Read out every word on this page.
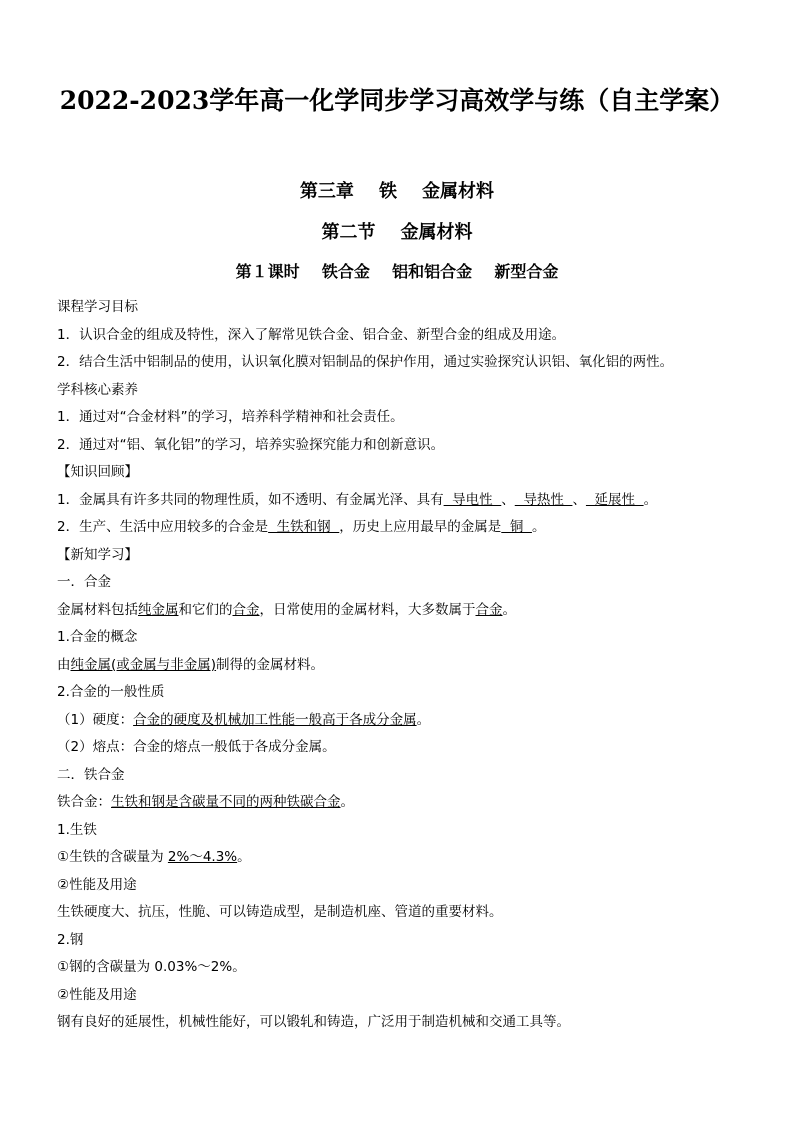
2022-2023学年高一化学同步学习高效学与练（自主学案）
第三章    铁    金属材料
第二节    金属材料
第１课时    铁合金    铝和铝合金    新型合金
课程学习目标
1．认识合金的组成及特性，深入了解常见铁合金、铝合金、新型合金的组成及用途。
2．结合生活中铝制品的使用，认识氧化膜对铝制品的保护作用，通过实验探究认识铝、氧化铝的两性。
学科核心素养
1．通过对“合金材料”的学习，培养科学精神和社会责任。
2．通过对“铝、氧化铝”的学习，培养实验探究能力和创新意识。
【知识回顾】
1．金属具有许多共同的物理性质，如不透明、有金属光泽、具有  导电性  、  导热性  、  延展性  。
2．生产、生活中应用较多的合金是  生铁和钢  ，历史上应用最早的金属是  铜  。
【新知学习】
一．合金
金属材料包括纯金属和它们的合金，日常使用的金属材料，大多数属于合金。
1.合金的概念
由纯金属(或金属与非金属)制得的金属材料。
2.合金的一般性质
（1）硬度：合金的硬度及机械加工性能一般高于各成分金属。
（2）熔点：合金的熔点一般低于各成分金属。
二．铁合金
铁合金：生铁和钢是含碳量不同的两种铁碳合金。
1.生铁
①生铁的含碳量为 2%～4.3%。
②性能及用途
生铁硬度大、抗压，性脆、可以铸造成型，是制造机座、管道的重要材料。
2.钢
①钢的含碳量为 0.03%～2%。
②性能及用途
钢有良好的延展性，机械性能好，可以锻轧和铸造，广泛用于制造机械和交通工具等。
